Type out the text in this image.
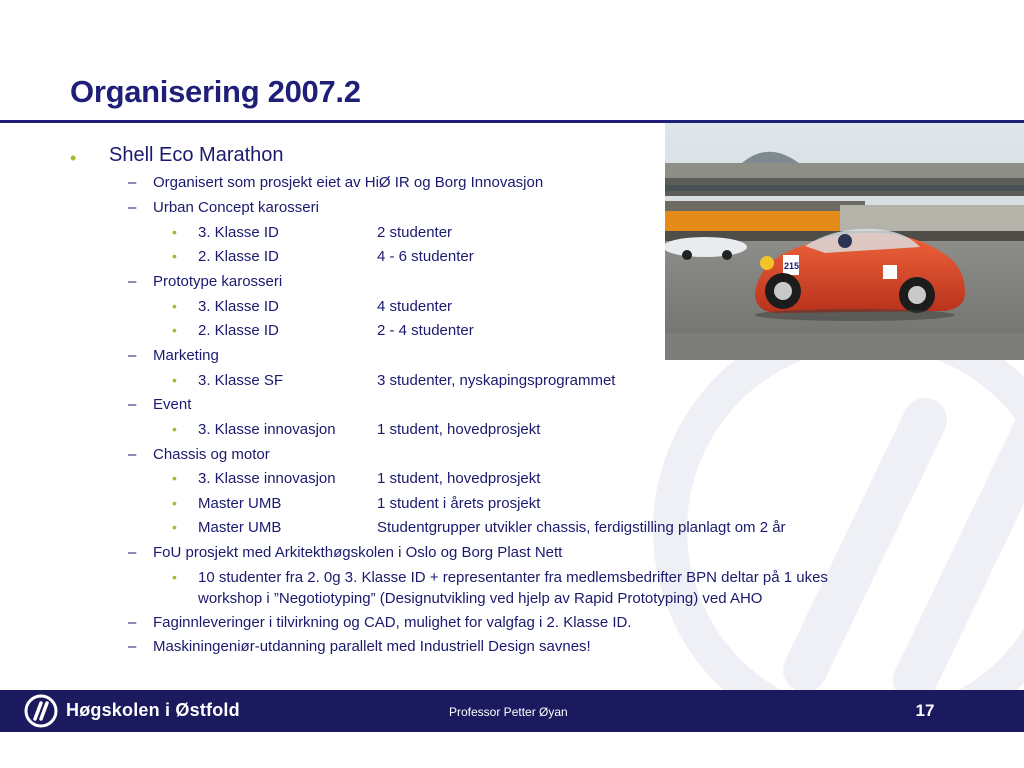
Organisering 2007.2
215
• Shell Eco Marathon
– Organisert som prosjekt eiet av HiØ IR og Borg Innovasjon
– Urban Concept karosseri
• 3. Klasse ID	2 studenter
• 2. Klasse ID	4 - 6 studenter
– Prototype karosseri
• 3. Klasse ID	4 studenter
• 2. Klasse ID	2 - 4 studenter
– Marketing
• 3. Klasse SF	3 studenter, nyskapingsprogrammet
– Event
• 3. Klasse innovasjon	1 student, hovedprosjekt
– Chassis og motor
• 3. Klasse innovasjon	1 student, hovedprosjekt
• Master UMB	1 student i årets prosjekt
• Master UMB	Studentgrupper utvikler chassis, ferdigstilling planlagt om 2 år
– FoU prosjekt med Arkitekthøgskolen i Oslo og Borg Plast Nett
• 10 studenter fra 2. 0g 3. Klasse ID + representanter fra medlemsbedrifter BPN deltar på 1 ukes
workshop i ”Negotiotyping” (Designutvikling ved hjelp av Rapid Prototyping) ved AHO
– Faginnleveringer i tilvirkning og CAD, mulighet for valgfag i 2. Klasse ID.
– Maskiningeniør-utdanning parallelt med Industriell Design savnes!
Høgskolen i Østfold	Professor Petter Øyan	17
